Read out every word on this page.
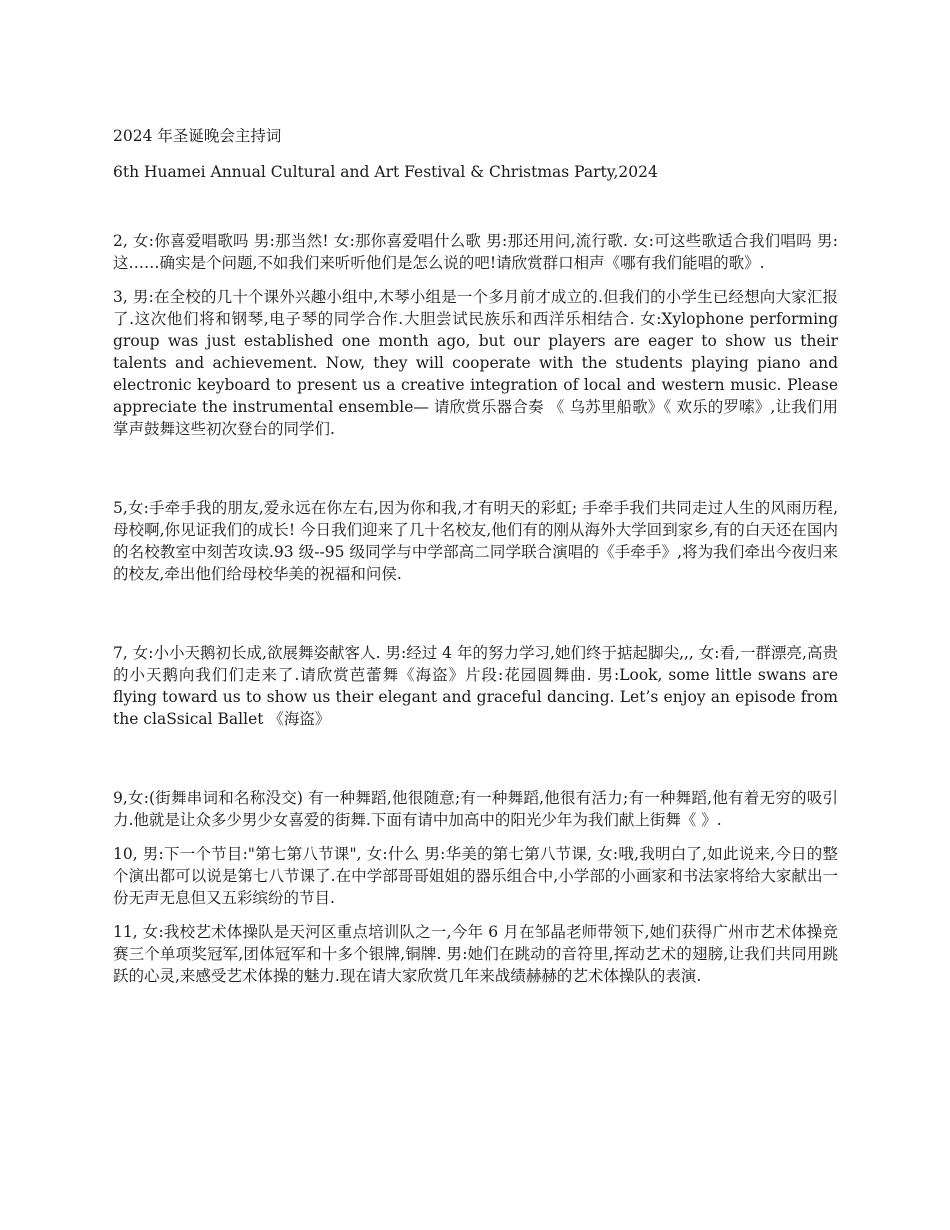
2024 年圣诞晚会主持词

6th Huamei Annual Cultural and Art Festival & Christmas Party,2024

2, 女:你喜爱唱歌吗 男:那当然! 女:那你喜爱唱什么歌 男:那还用问,流行歌. 女:可这些歌适合我们唱吗 男:这……确实是个问题,不如我们来听听他们是怎么说的吧!请欣赏群口相声《哪有我们能唱的歌》.

3, 男:在全校的几十个课外兴趣小组中,木琴小组是一个多月前才成立的.但我们的小学生已经想向大家汇报了.这次他们将和钢琴,电子琴的同学合作.大胆尝试民族乐和西洋乐相结合. 女:Xylophone performing group was just established one month ago, but our players are eager to show us their talents and achievement. Now, they will cooperate with the students playing piano and electronic keyboard to present us a creative integration of local and western music. Please appreciate the instrumental ensemble— 请欣赏乐器合奏 《 乌苏里船歌》《 欢乐的罗嗦》,让我们用掌声鼓舞这些初次登台的同学们.

5,女:手牵手我的朋友,爱永远在你左右,因为你和我,才有明天的彩虹; 手牵手我们共同走过人生的风雨历程,母校啊,你见证我们的成长! 今日我们迎来了几十名校友,他们有的刚从海外大学回到家乡,有的白天还在国内的名校教室中刻苦攻读.93 级--95 级同学与中学部高二同学联合演唱的《手牵手》,将为我们牵出今夜归来的校友,牵出他们给母校华美的祝福和问侯.

7, 女:小小天鹅初长成,欲展舞姿献客人. 男:经过 4 年的努力学习,她们终于掂起脚尖,,, 女:看,一群漂亮,高贵的小天鹅向我们们走来了.请欣赏芭蕾舞《海盗》片段:花园圆舞曲. 男:Look, some little swans are flying toward us to show us their elegant and graceful dancing. Let’s enjoy an episode from the claSsical Ballet 《海盗》

9,女:(街舞串词和名称没交) 有一种舞蹈,他很随意;有一种舞蹈,他很有活力;有一种舞蹈,他有着无穷的吸引力.他就是让众多少男少女喜爱的街舞.下面有请中加高中的阳光少年为我们献上街舞《 》.

10, 男:下一个节目:"第七第八节课", 女:什么 男:华美的第七第八节课, 女:哦,我明白了,如此说来,今日的整个演出都可以说是第七八节课了.在中学部哥哥姐姐的器乐组合中,小学部的小画家和书法家将给大家献出一份无声无息但又五彩缤纷的节目.

11, 女:我校艺术体操队是天河区重点培训队之一,今年 6 月在邹晶老师带领下,她们获得广州市艺术体操竞赛三个单项奖冠军,团体冠军和十多个银牌,铜牌. 男:她们在跳动的音符里,挥动艺术的翅膀,让我们共同用跳跃的心灵,来感受艺术体操的魅力.现在请大家欣赏几年来战绩赫赫的艺术体操队的表演.
